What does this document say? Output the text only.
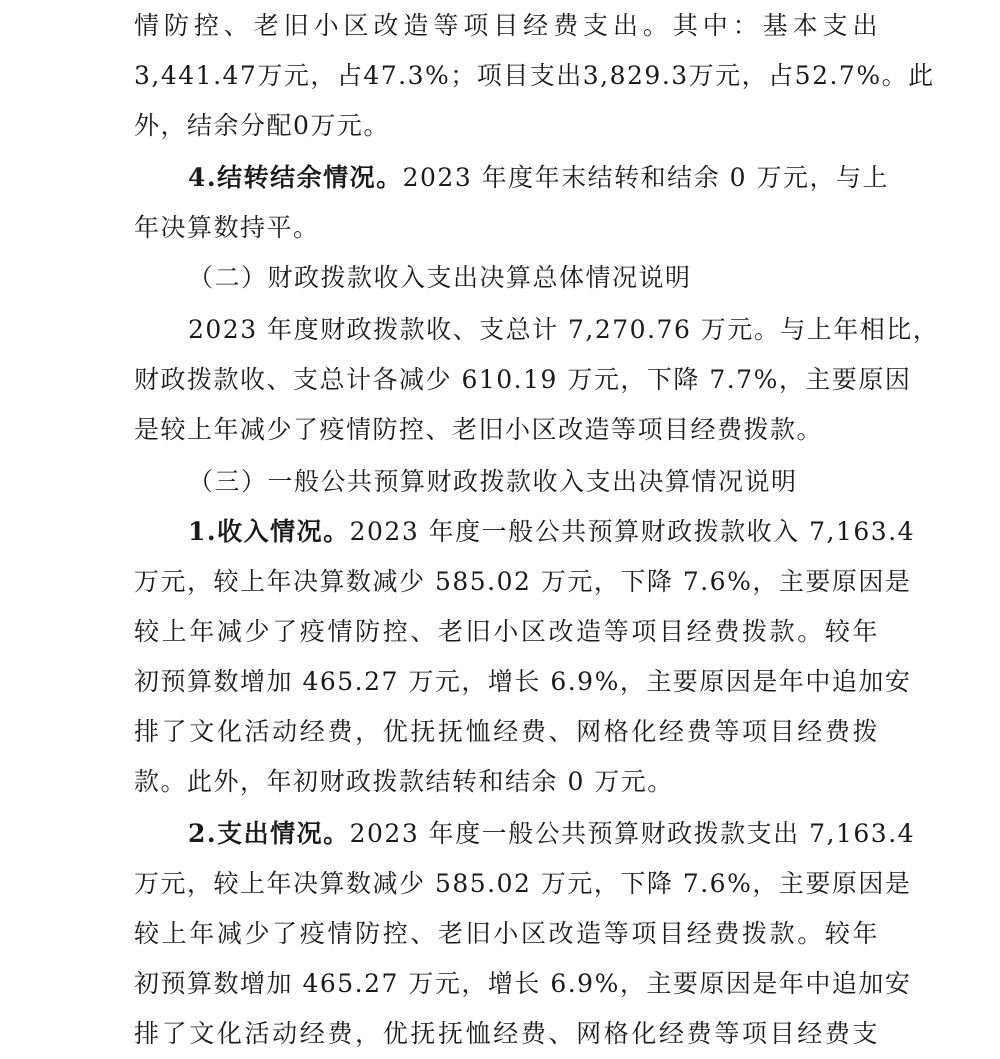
情防控、老旧小区改造等项目经费支出。其中：基本支出
3,441.47万元，占47.3%；项目支出3,829.3万元，占52.7%。此
外，结余分配0万元。
4.结转结余情况。2023 年度年末结转和结余 0 万元，与上
年决算数持平。
（二）财政拨款收入支出决算总体情况说明
2023 年度财政拨款收、支总计 7,270.76 万元。与上年相比，
财政拨款收、支总计各减少 610.19 万元，下降 7.7%，主要原因
是较上年减少了疫情防控、老旧小区改造等项目经费拨款。
（三）一般公共预算财政拨款收入支出决算情况说明
1.收入情况。2023 年度一般公共预算财政拨款收入 7,163.4
万元，较上年决算数减少 585.02 万元，下降 7.6%，主要原因是
较上年减少了疫情防控、老旧小区改造等项目经费拨款。较年
初预算数增加 465.27 万元，增长 6.9%，主要原因是年中追加安
排了文化活动经费，优抚抚恤经费、网格化经费等项目经费拨
款。此外，年初财政拨款结转和结余 0 万元。
2.支出情况。2023 年度一般公共预算财政拨款支出 7,163.4
万元，较上年决算数减少 585.02 万元，下降 7.6%，主要原因是
较上年减少了疫情防控、老旧小区改造等项目经费拨款。较年
初预算数增加 465.27 万元，增长 6.9%，主要原因是年中追加安
排了文化活动经费，优抚抚恤经费、网格化经费等项目经费支
